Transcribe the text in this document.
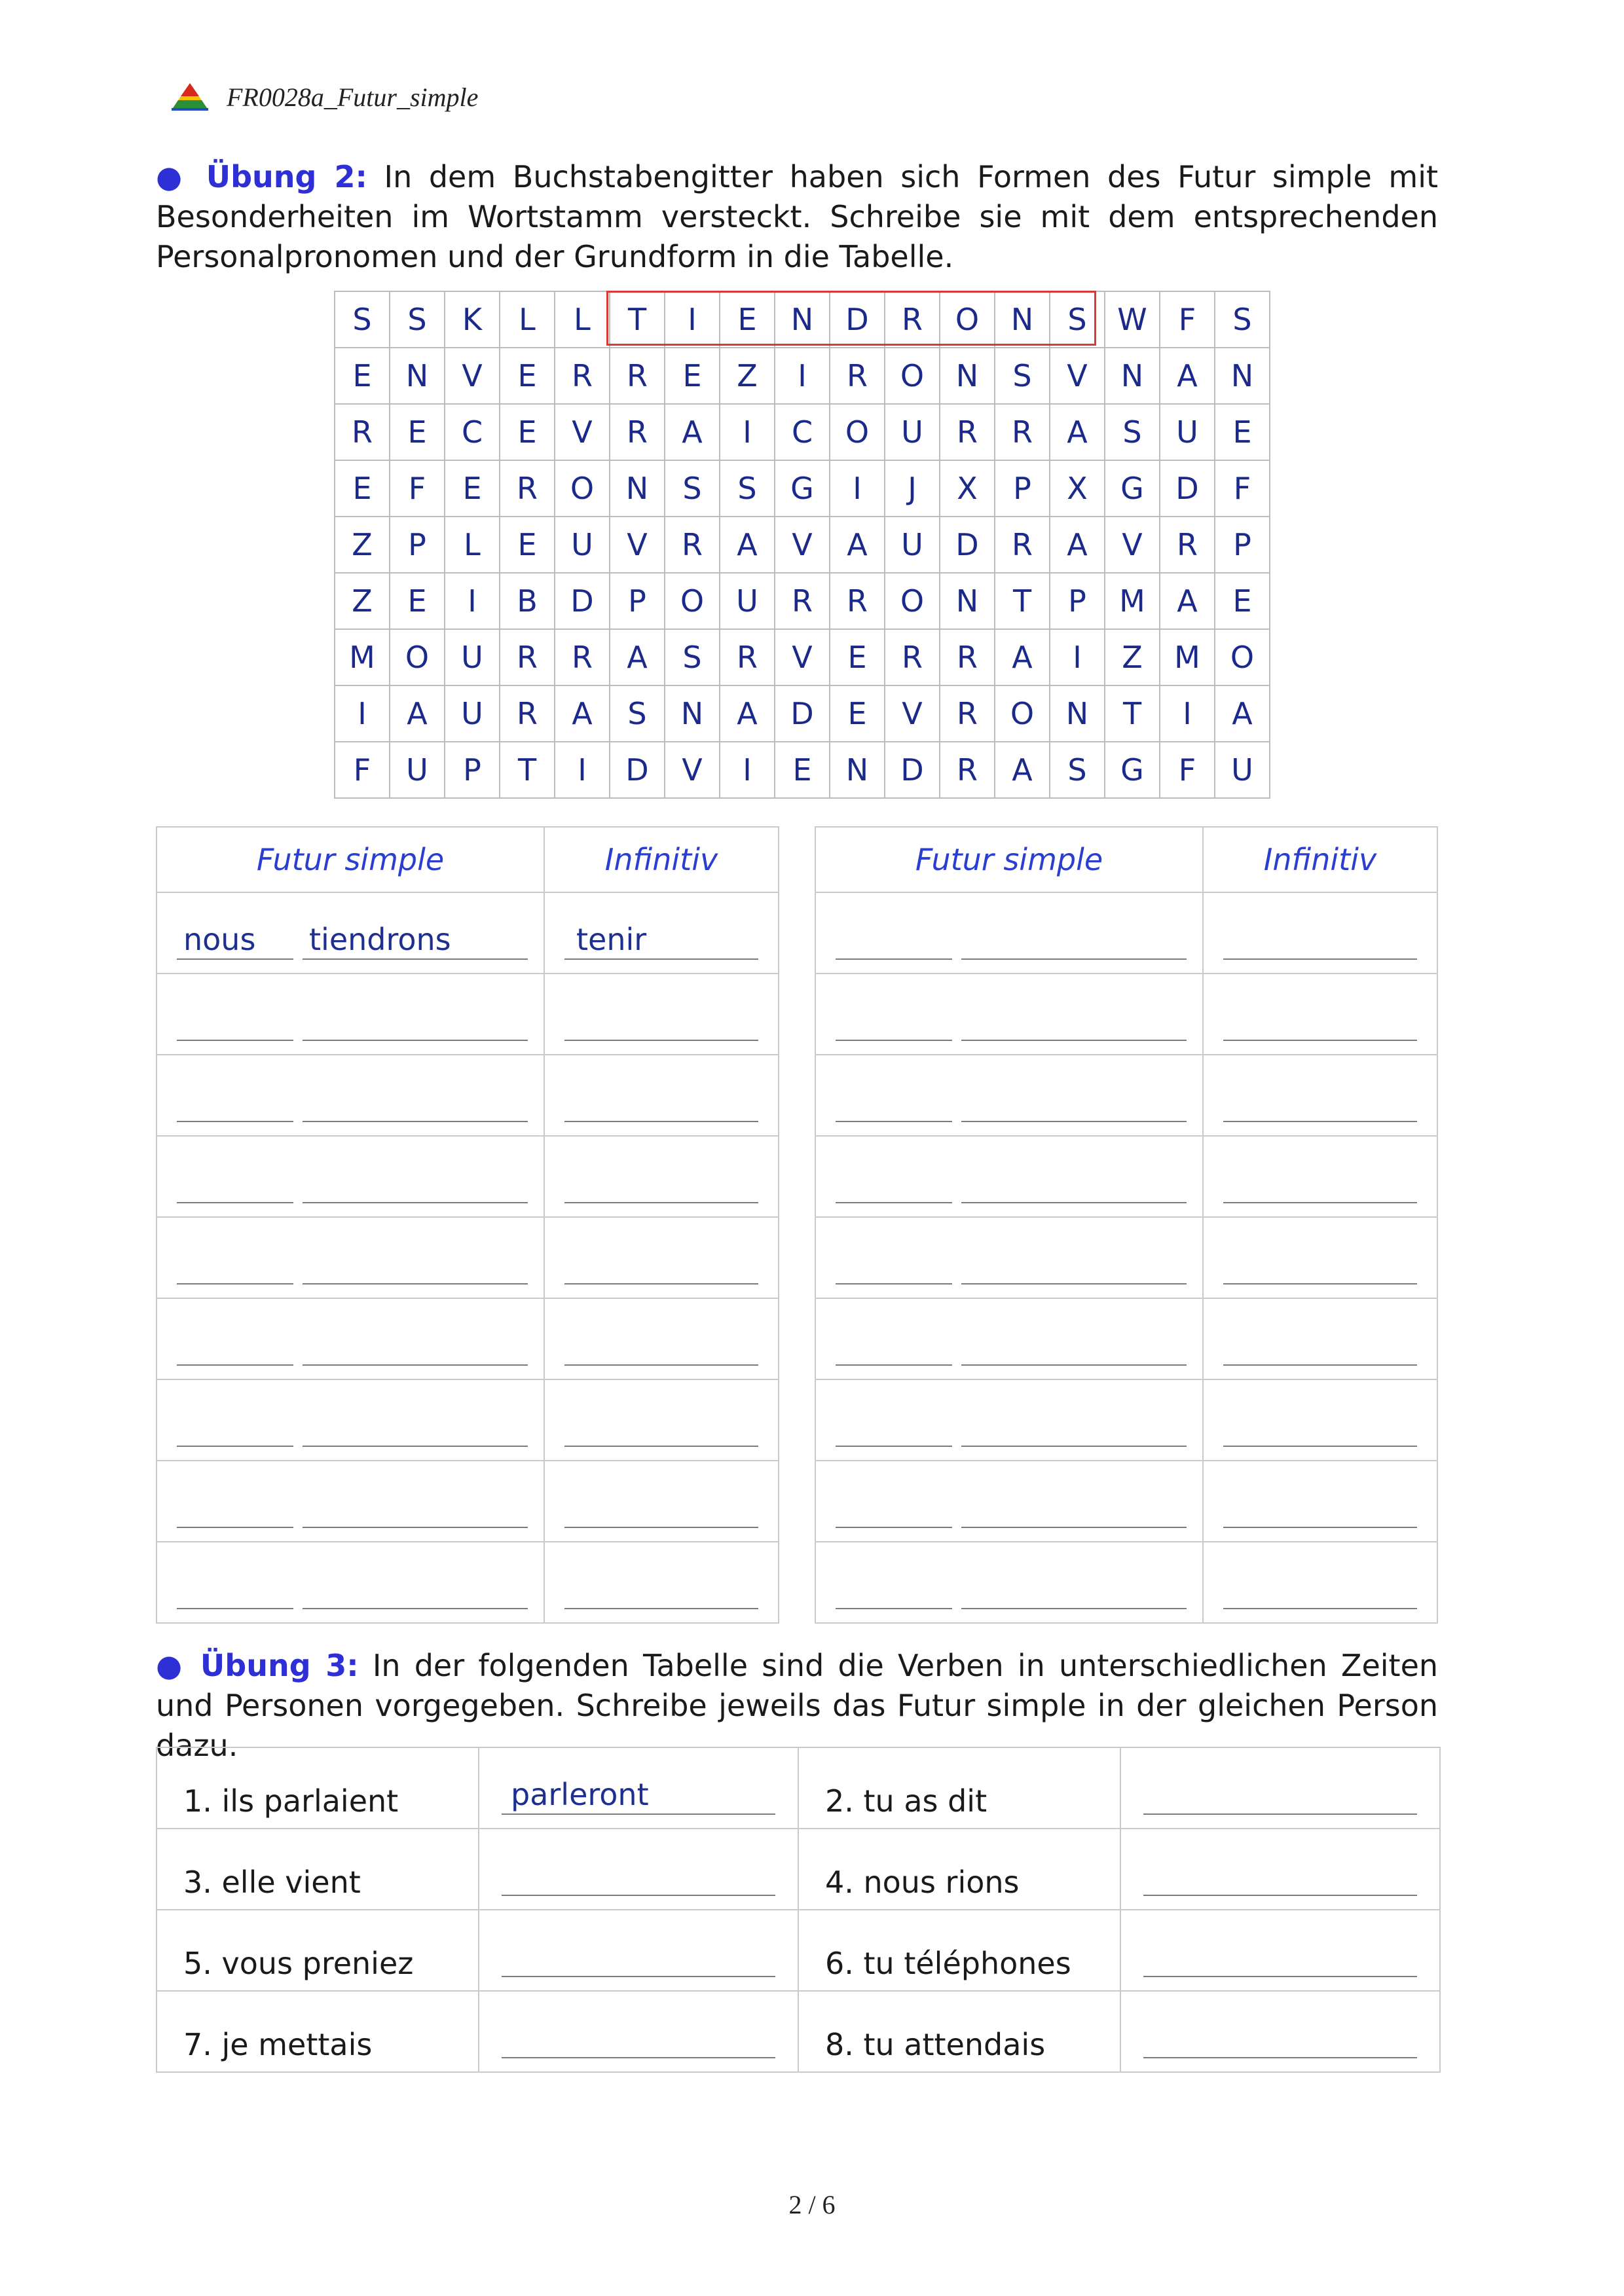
FR0028a_Futur_simple

● Übung 2: In dem Buchstabengitter haben sich Formen des Futur simple mit Besonderheiten im Wortstamm versteckt. Schreibe sie mit dem entsprechenden Personalpronomen und der Grundform in die Tabelle.

S	S	K	L	L	T	I	E	N	D	R	O	N	S	W	F	S
E	N	V	E	R	R	E	Z	I	R	O	N	S	V	N	A	N
R	E	C	E	V	R	A	I	C	O	U	R	R	A	S	U	E
E	F	E	R	O	N	S	S	G	I	J	X	P	X	G	D	F
Z	P	L	E	U	V	R	A	V	A	U	D	R	A	V	R	P
Z	E	I	B	D	P	O	U	R	R	O	N	T	P	M	A	E
M	O	U	R	R	A	S	R	V	E	R	R	A	I	Z	M	O
I	A	U	R	A	S	N	A	D	E	V	R	O	N	T	I	A
F	U	P	T	I	D	V	I	E	N	D	R	A	S	G	F	U
Futur simple	Infinitiv

nous tiendrons	tenir

Futur simple	Infinitiv

● Übung 3: In der folgenden Tabelle sind die Verben in unterschiedlichen Zeiten und Personen vorgegeben. Schreibe jeweils das Futur simple in der gleichen Person dazu.

1. ils parlaient	parleront	2. tu as dit	

3. elle vient		4. nous rions	

5. vous preniez		6. tu téléphones	

7. je mettais		8. tu attendais	

2 / 6
